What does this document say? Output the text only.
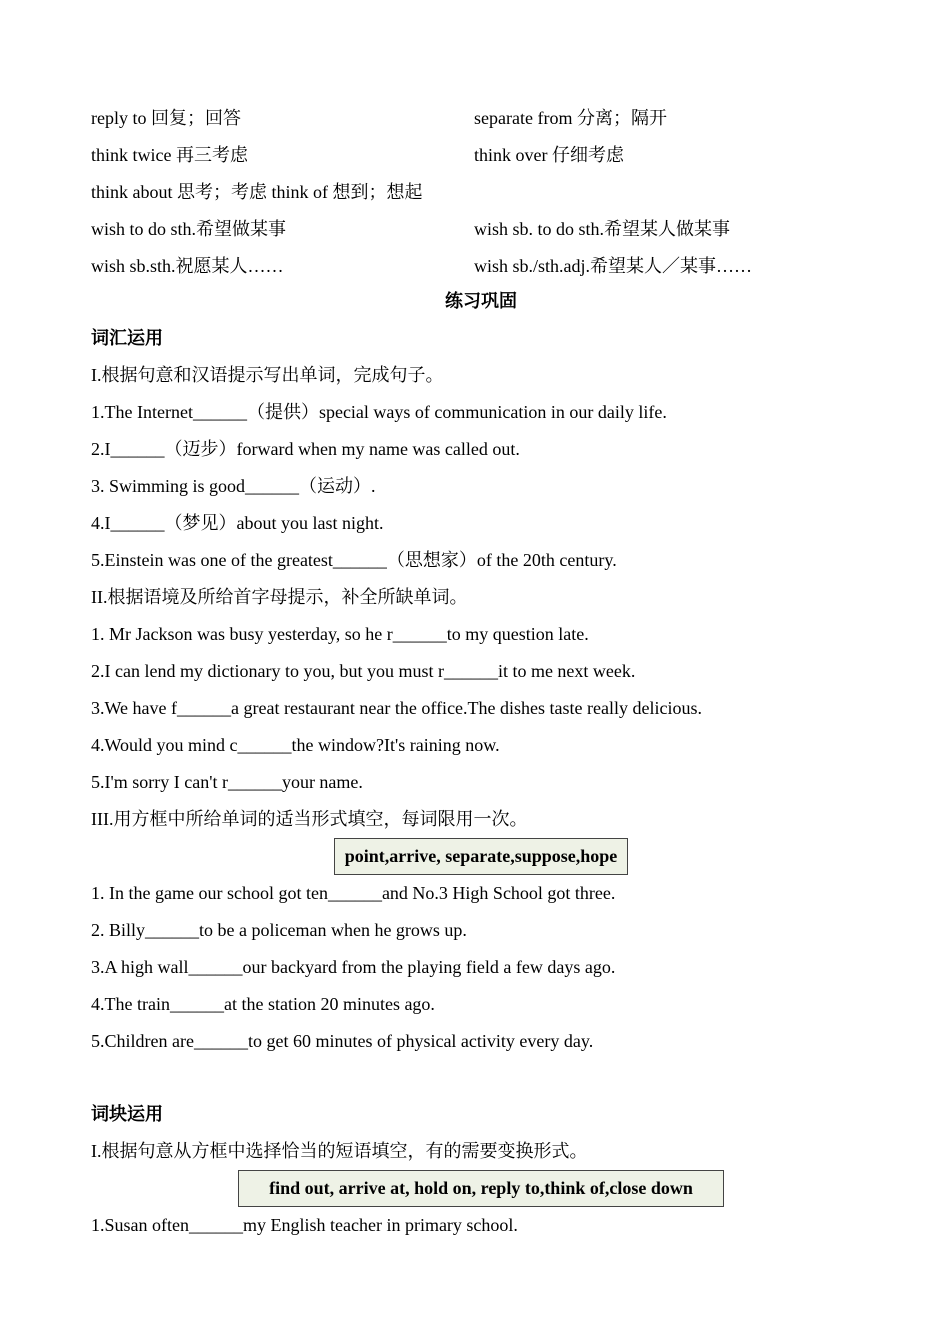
reply to 回复；回答	separate from 分离；隔开
think twice 再三考虑	think over 仔细考虑
think about 思考；考虑 think of 想到；想起
wish to do sth.希望做某事	wish sb. to do sth.希望某人做某事
wish sb.sth.祝愿某人……	wish sb./sth.adj.希望某人／某事……
练习巩固
词汇运用
I.根据句意和汉语提示写出单词，完成句子。
1.The Internet______（提供）special ways of communication in our daily life.
2.I______（迈步）forward when my name was called out.
3. Swimming is good______（运动）.
4.I______（梦见）about you last night.
5.Einstein was one of the greatest______（思想家）of the 20th century.
II.根据语境及所给首字母提示，补全所缺单词。
1. Mr Jackson was busy yesterday, so he r______to my question late.
2.I can lend my dictionary to you, but you must r______it to me next week.
3.We have f______a great restaurant near the office.The dishes taste really delicious.
4.Would you mind c______the window?It's raining now.
5.I'm sorry I can't r______your name.
III.用方框中所给单词的适当形式填空，每词限用一次。
point,arrive, separate,suppose,hope
1. In the game our school got ten______and No.3 High School got three.
2. Billy______to be a policeman when he grows up.
3.A high wall______our backyard from the playing field a few days ago.
4.The train______at the station 20 minutes ago.
5.Children are______to get 60 minutes of physical activity every day.
词块运用
I.根据句意从方框中选择恰当的短语填空，有的需要变换形式。
find out, arrive at, hold on, reply to,think of,close down
1.Susan often______my English teacher in primary school.
